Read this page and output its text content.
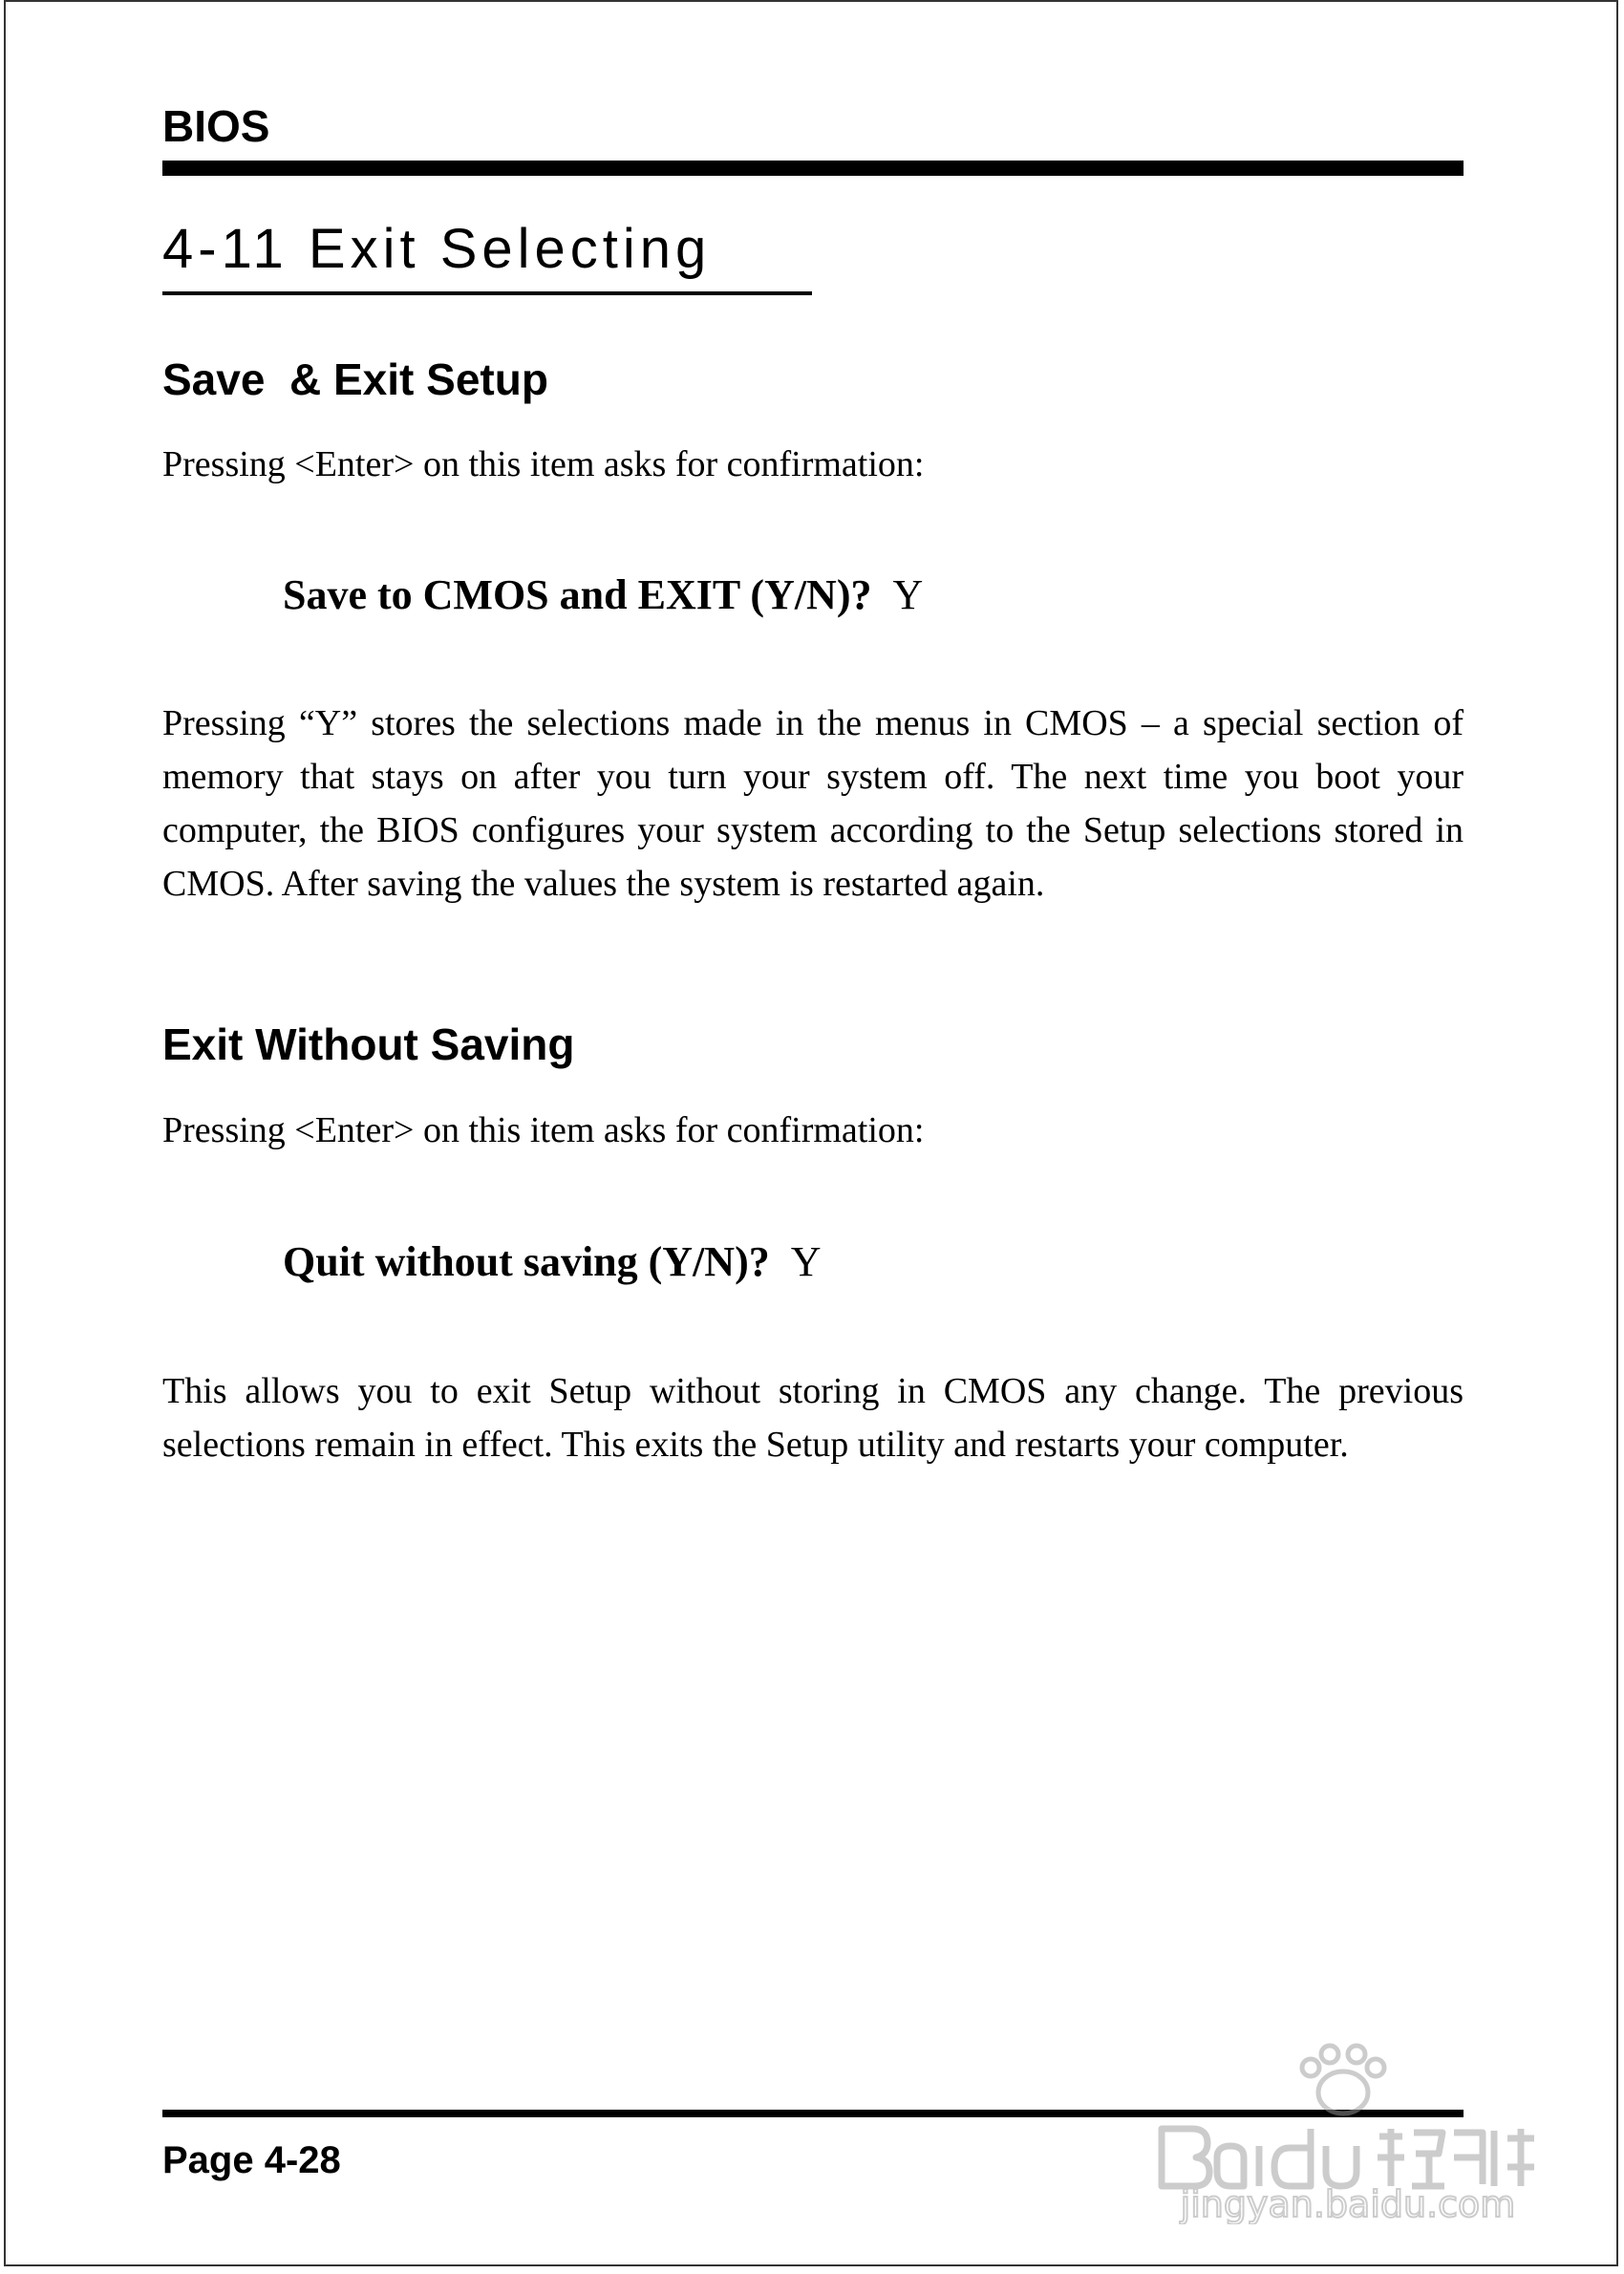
BIOS
4-11 Exit Selecting
Save  & Exit Setup

Pressing <Enter> on this item asks for confirmation:

Save to CMOS and EXIT (Y/N)? Y

Pressing “Y” stores the selections made in the menus in CMOS – a special section of memory that stays on after you turn your system off. The next time you boot your computer, the BIOS configures your system according to the Setup selections stored in CMOS. After saving the values the system is restarted again.

Exit Without Saving

Pressing <Enter> on this item asks for confirmation:

Quit without saving (Y/N)? Y

This allows you to exit Setup without storing in CMOS any change. The previous selections remain in effect. This exits the Setup utility and restarts your computer.

Page 4-28

jingyan.baidu.com
